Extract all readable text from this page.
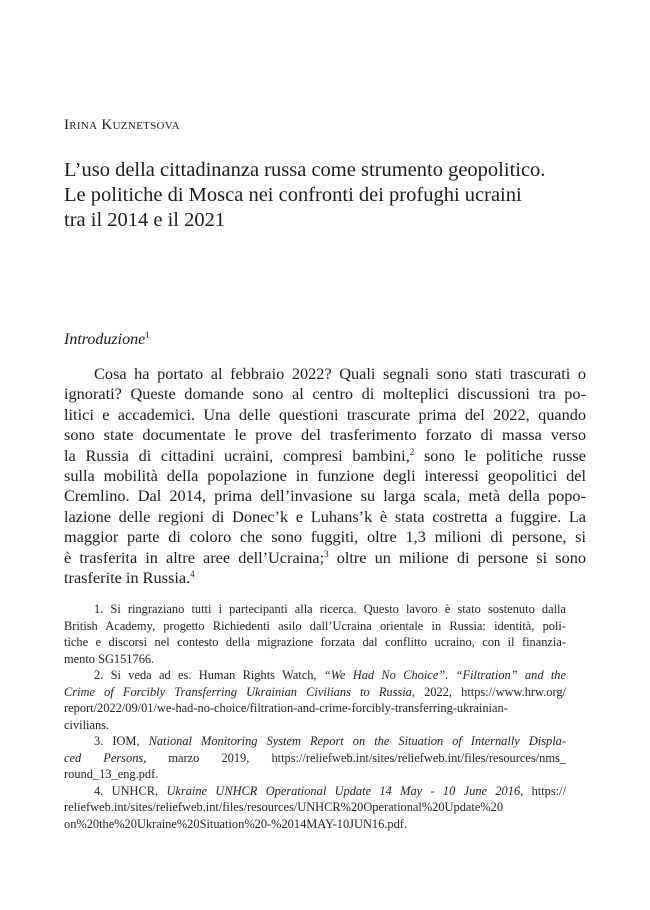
Irina Kuznetsova
L’uso della cittadinanza russa come strumento geopolitico.
Le politiche di Mosca nei confronti dei profughi ucraini
tra il 2014 e il 2021
Introduzione$^1$
Cosa ha portato al febbraio 2022? Quali segnali sono stati trascurati o
ignorati? Queste domande sono al centro di molteplici discussioni tra po-
litici e accademici. Una delle questioni trascurate prima del 2022, quando
sono state documentate le prove del trasferimento forzato di massa verso
la Russia di cittadini ucraini, compresi bambini,$^2$ sono le politiche russe
sulla mobilità della popolazione in funzione degli interessi geopolitici del
Cremlino. Dal 2014, prima dell’invasione su larga scala, metà della popo-
lazione delle regioni di Donec’k e Luhans’k è stata costretta a fuggire. La
maggior parte di coloro che sono fuggiti, oltre 1,3 milioni di persone, si
è trasferita in altre aree dell’Ucraina;$^3$ oltre un milione di persone si sono
trasferite in Russia.$^4$
1. Si ringraziano tutti i partecipanti alla ricerca. Questo lavoro è stato sostenuto dalla
British Academy, progetto Richiedenti asilo dall’Ucraina orientale in Russia: identità, poli-
tiche e discorsi nel contesto della migrazione forzata dal conflitto ucraino, con il finanzia-
mento SG151766.
2. Si veda ad es. Human Rights Watch, “We Had No Choice”. “Filtration” and the
Crime of Forcibly Transferring Ukrainian Civilians to Russia, 2022, https://www.hrw.org/
report/2022/09/01/we-had-no-choice/filtration-and-crime-forcibly-transferring-ukrainian-
civilians.
3. IOM, National Monitoring System Report on the Situation of Internally Displa-
ced Persons, marzo 2019, https://reliefweb.int/sites/reliefweb.int/files/resources/nms_
round_13_eng.pdf.
4. UNHCR, Ukraine UNHCR Operational Update 14 May - 10 June 2016, https://
reliefweb.int/sites/reliefweb.int/files/resources/UNHCR%20Operational%20Update%20
on%20the%20Ukraine%20Situation%20-%2014MAY-10JUN16.pdf.
